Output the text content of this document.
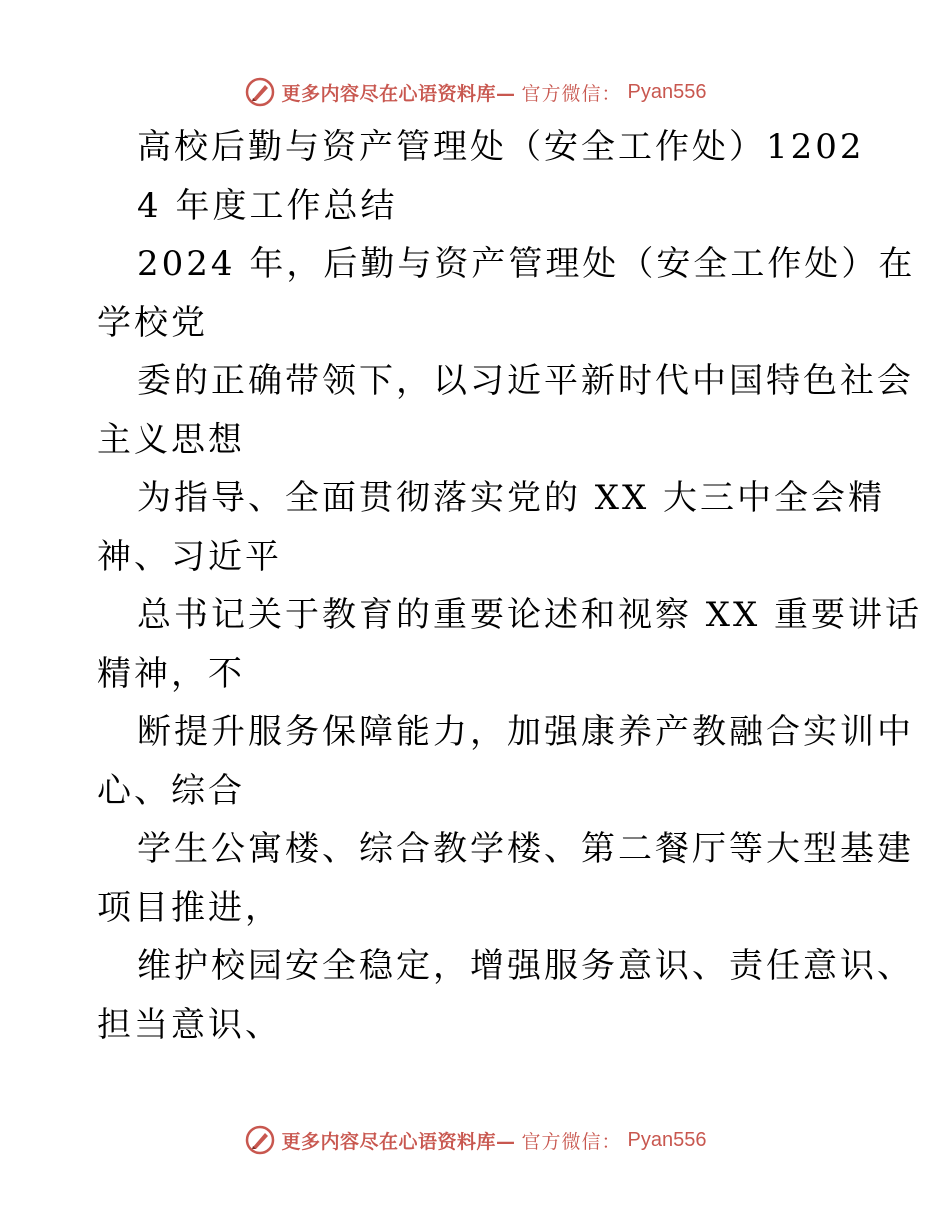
更多内容尽在心语资料库— 官方微信： Pyan556
高校后勤与资产管理处（安全工作处）1202
4 年度工作总结
2024 年，后勤与资产管理处（安全工作处）在
学校党
委的正确带领下，以习近平新时代中国特色社会
主义思想
为指导、全面贯彻落实党的 XX 大三中全会精
神、习近平
总书记关于教育的重要论述和视察 XX 重要讲话
精神，不
断提升服务保障能力，加强康养产教融合实训中
心、综合
学生公寓楼、综合教学楼、第二餐厅等大型基建
项目推进，
维护校园安全稳定，增强服务意识、责任意识、
担当意识、
更多内容尽在心语资料库— 官方微信： Pyan556
